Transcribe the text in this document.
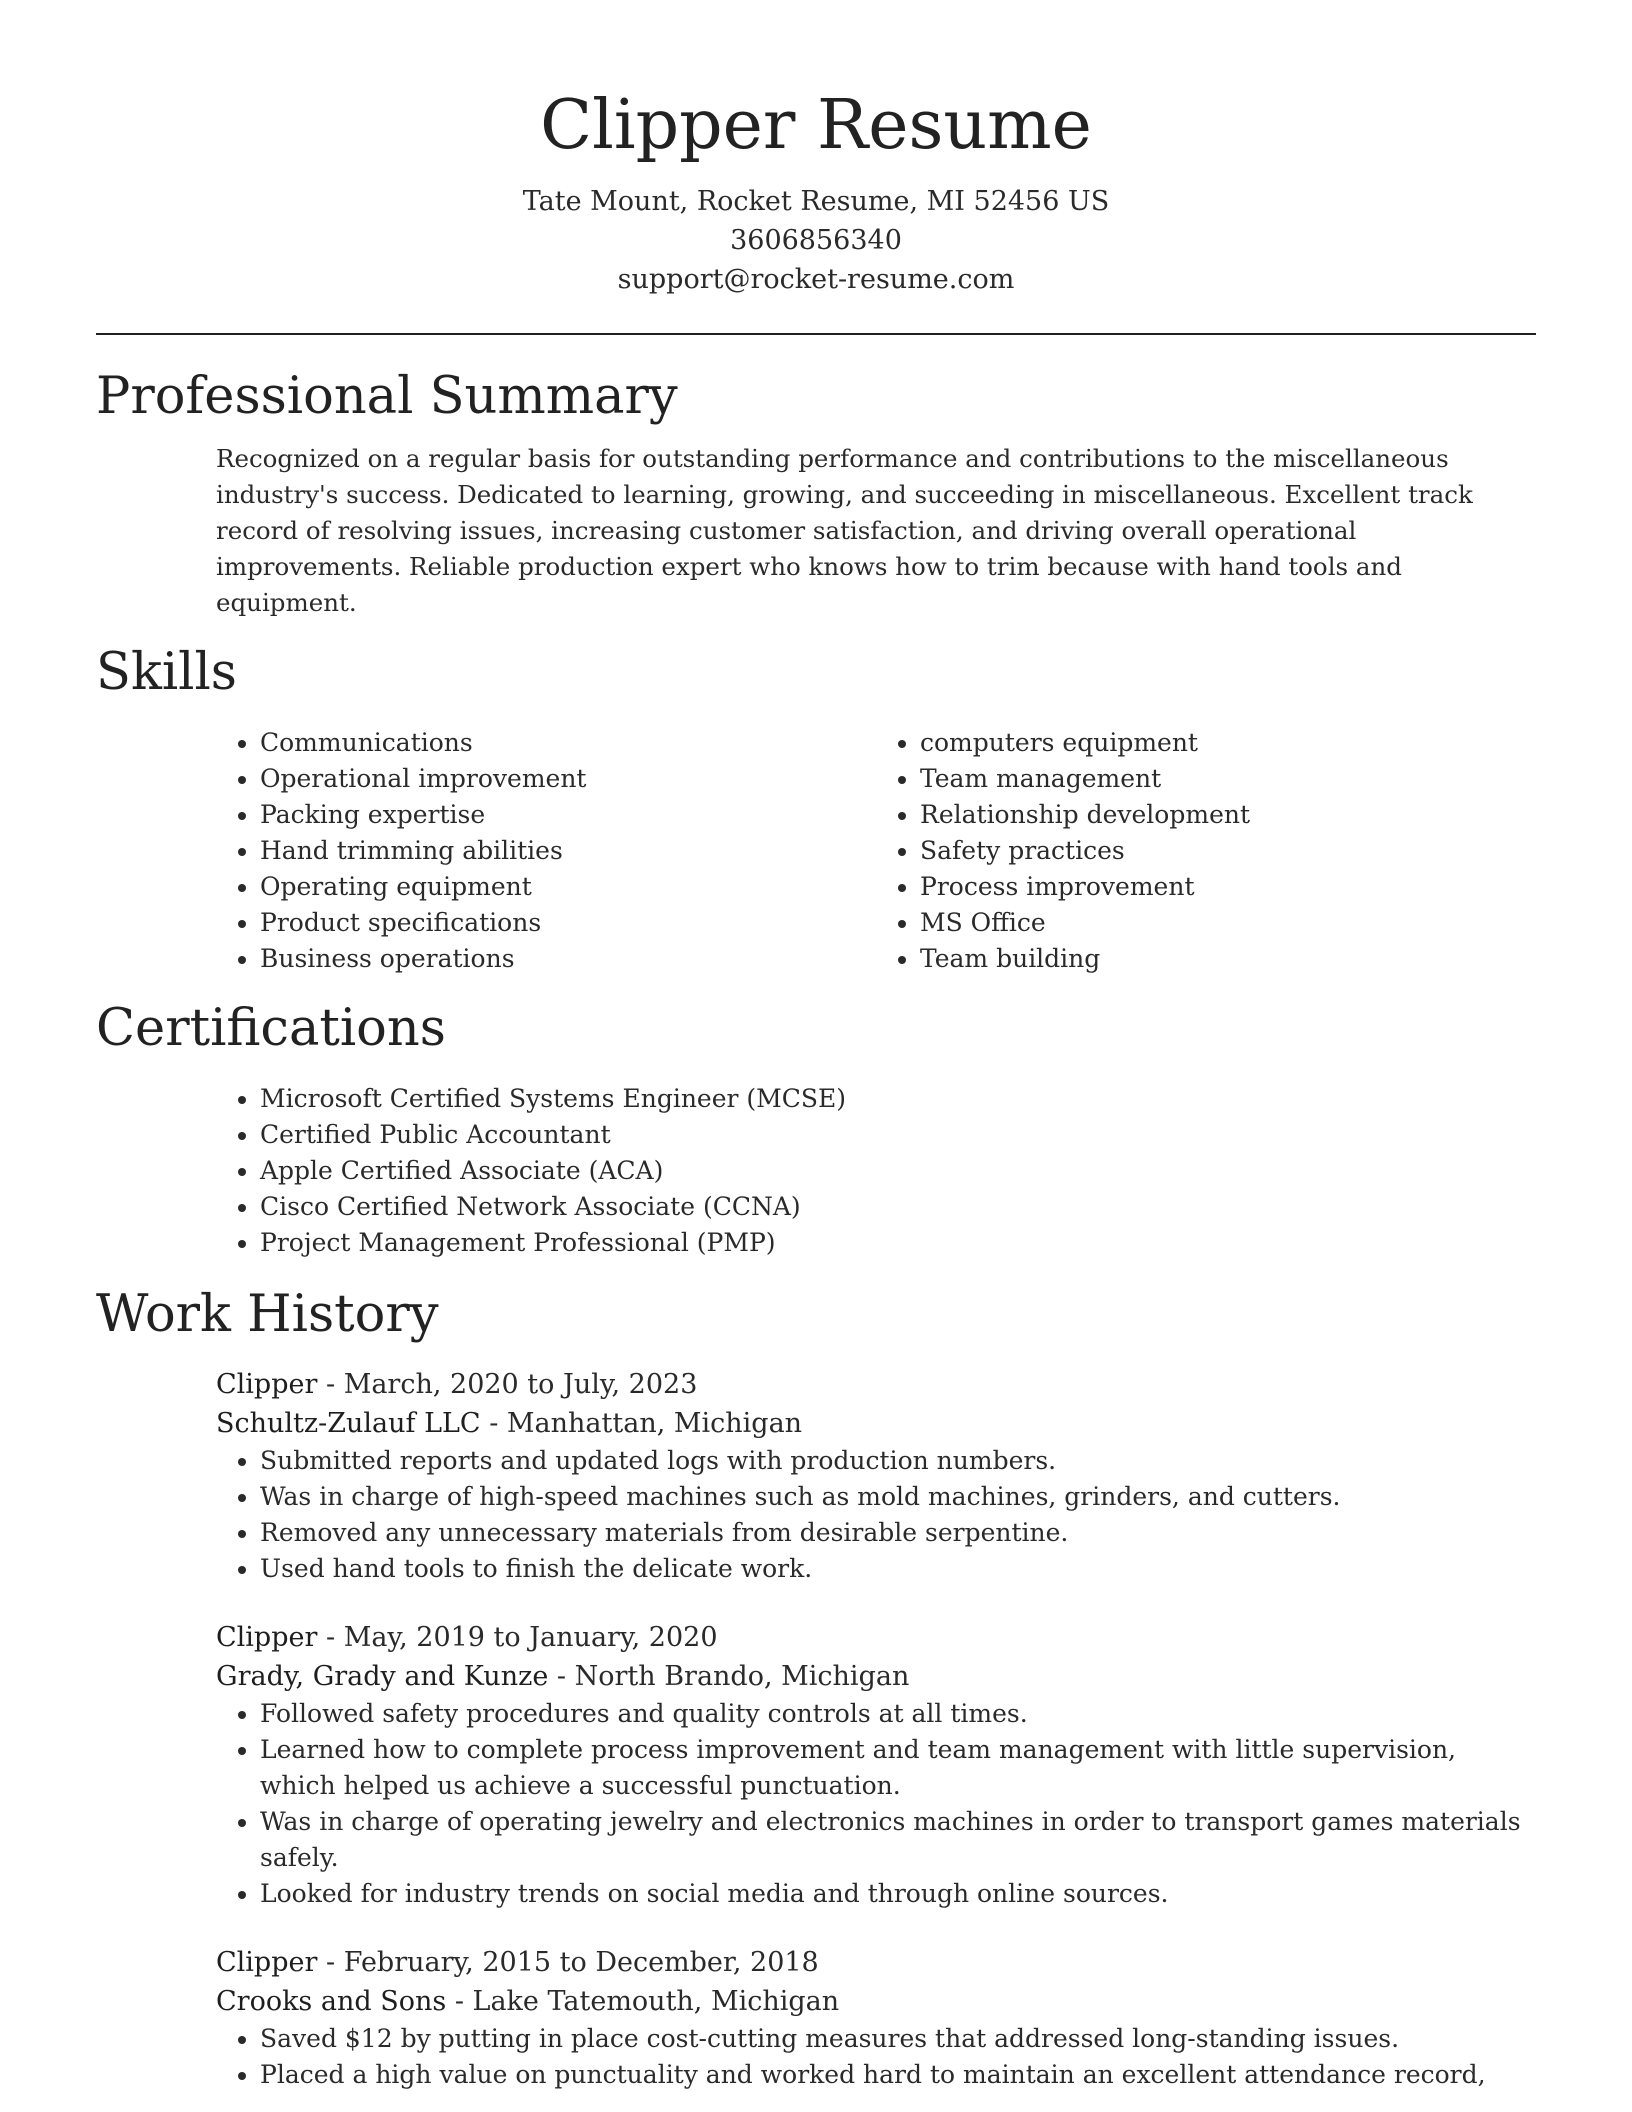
Clipper Resume
Tate Mount, Rocket Resume, MI 52456 US
3606856340
support@rocket-resume.com
Professional Summary

Recognized on a regular basis for outstanding performance and contributions to the miscellaneous industry's success. Dedicated to learning, growing, and succeeding in miscellaneous. Excellent track record of resolving issues, increasing customer satisfaction, and driving overall operational improvements. Reliable production expert who knows how to trim because with hand tools and equipment.

Skills
• Communications
• Operational improvement
• Packing expertise
• Hand trimming abilities
• Operating equipment
• Product specifications
• Business operations
• computers equipment
• Team management
• Relationship development
• Safety practices
• Process improvement
• MS Office
• Team building
Certifications
• Microsoft Certified Systems Engineer (MCSE)
• Certified Public Accountant
• Apple Certified Associate (ACA)
• Cisco Certified Network Associate (CCNA)
• Project Management Professional (PMP)
Work History
Clipper - March, 2020 to July, 2023
Schultz-Zulauf LLC - Manhattan, Michigan
• Submitted reports and updated logs with production numbers.
• Was in charge of high-speed machines such as mold machines, grinders, and cutters.
• Removed any unnecessary materials from desirable serpentine.
• Used hand tools to finish the delicate work.
Clipper - May, 2019 to January, 2020
Grady, Grady and Kunze - North Brando, Michigan
• Followed safety procedures and quality controls at all times.
• Learned how to complete process improvement and team management with little supervision, which helped us achieve a successful punctuation.
• Was in charge of operating jewelry and electronics machines in order to transport games materials safely.
• Looked for industry trends on social media and through online sources.
Clipper - February, 2015 to December, 2018
Crooks and Sons - Lake Tatemouth, Michigan
• Saved $12 by putting in place cost-cutting measures that addressed long-standing issues.
• Placed a high value on punctuality and worked hard to maintain an excellent attendance record,
